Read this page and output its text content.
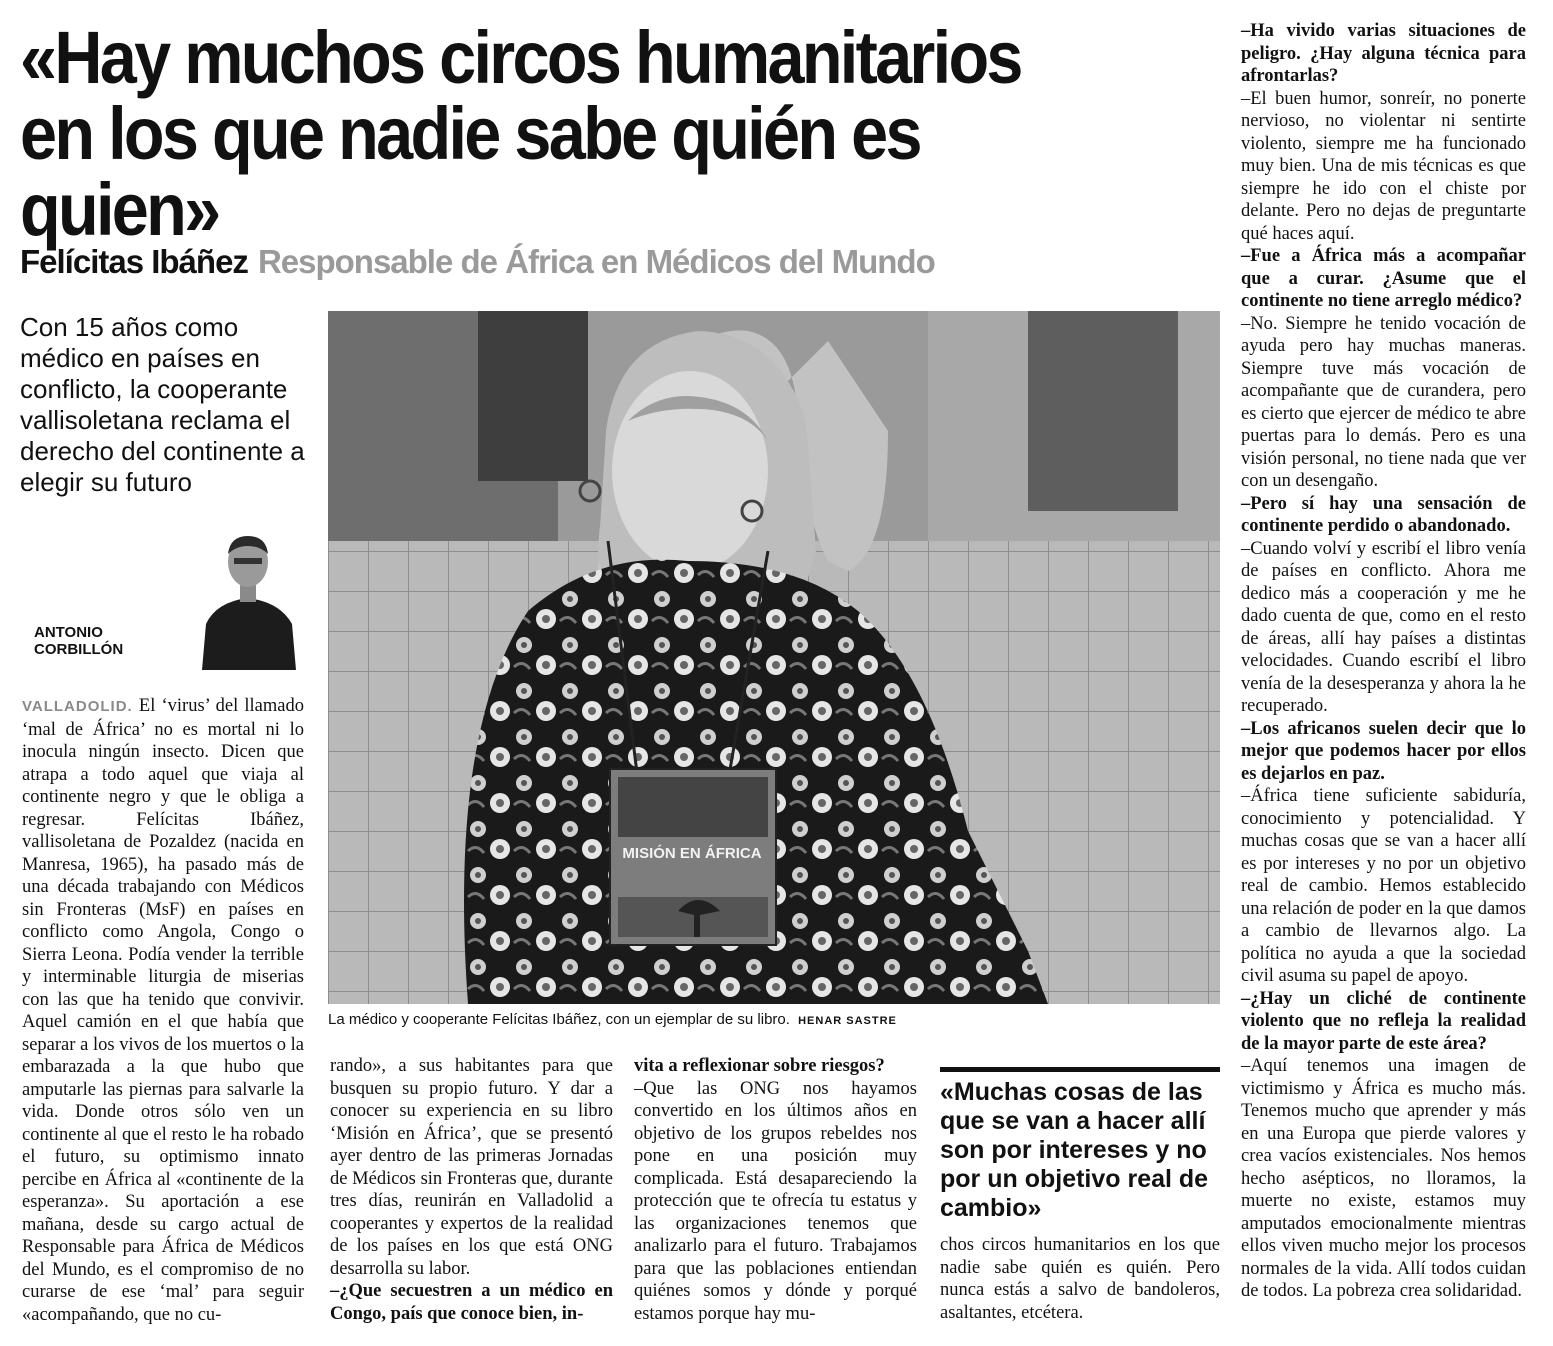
«Hay muchos circos humanitarios en los que nadie sabe quién es quien»
Felícitas Ibáñez Responsable de África en Médicos del Mundo
Con 15 años como médico en países en conflicto, la cooperante vallisoletana reclama el derecho del continente a elegir su futuro
ANTONIO CORBILLÓN

VALLADOLID. El ‘virus’ del llamado ‘mal de África’ no es mortal ni lo inocula ningún insecto. Dicen que atrapa a todo aquel que viaja al continente negro y que le obliga a regresar. Felícitas Ibáñez, vallisoletana de Pozaldez (nacida en Manresa, 1965), ha pasado más de una década trabajando con Médicos sin Fronteras (MsF) en países en conflicto como Angola, Congo o Sierra Leona. Podía vender la terrible y interminable liturgia de miserias con las que ha tenido que convivir. Aquel camión en el que había que separar a los vivos de los muertos o la embarazada a la que hubo que amputarle las piernas para salvarle la vida. Donde otros sólo ven un continente al que el resto le ha robado el futuro, su optimismo innato percibe en África al «continente de la esperanza». Su aportación a ese mañana, desde su cargo actual de Responsable para África de Médicos del Mundo, es el compromiso de no curarse de ese ‘mal’ para seguir «acompañando, que no cu-

MISIÓN EN ÁFRICA
La médico y cooperante Felícitas Ibáñez, con un ejemplar de su libro. HENAR SASTRE

rando», a sus habitantes para que busquen su propio futuro. Y dar a conocer su experiencia en su libro ‘Misión en África’, que se presentó ayer dentro de las primeras Jornadas de Médicos sin Fronteras que, durante tres días, reunirán en Valladolid a cooperantes y expertos de la realidad de los países en los que está ONG desarrolla su labor.

–¿Que secuestren a un médico en Congo, país que conoce bien, in-

vita a reflexionar sobre riesgos?

–Que las ONG nos hayamos convertido en los últimos años en objetivo de los grupos rebeldes nos pone en una posición muy complicada. Está desapareciendo la protección que te ofrecía tu estatus y las organizaciones tenemos que analizarlo para el futuro. Trabajamos para que las poblaciones entiendan quiénes somos y dónde y porqué estamos porque hay mu-

«Muchas cosas de las que se van a hacer allí son por intereses y no por un objetivo real de cambio»

chos circos humanitarios en los que nadie sabe quién es quién. Pero nunca estás a salvo de bandoleros, asaltantes, etcétera.

–Ha vivido varias situaciones de peligro. ¿Hay alguna técnica para afrontarlas?

–El buen humor, sonreír, no ponerte nervioso, no violentar ni sentirte violento, siempre me ha funcionado muy bien. Una de mis técnicas es que siempre he ido con el chiste por delante. Pero no dejas de preguntarte qué haces aquí.

–Fue a África más a acompañar que a curar. ¿Asume que el continente no tiene arreglo médico?

–No. Siempre he tenido vocación de ayuda pero hay muchas maneras. Siempre tuve más vocación de acompañante que de curandera, pero es cierto que ejercer de médico te abre puertas para lo demás. Pero es una visión personal, no tiene nada que ver con un desengaño.

–Pero sí hay una sensación de continente perdido o abandonado.

–Cuando volví y escribí el libro venía de países en conflicto. Ahora me dedico más a cooperación y me he dado cuenta de que, como en el resto de áreas, allí hay países a distintas velocidades. Cuando escribí el libro venía de la desesperanza y ahora la he recuperado.

–Los africanos suelen decir que lo mejor que podemos hacer por ellos es dejarlos en paz.

–África tiene suficiente sabiduría, conocimiento y potencialidad. Y muchas cosas que se van a hacer allí es por intereses y no por un objetivo real de cambio. Hemos establecido una relación de poder en la que damos a cambio de llevarnos algo. La política no ayuda a que la sociedad civil asuma su papel de apoyo.

–¿Hay un cliché de continente violento que no refleja la realidad de la mayor parte de este área?

–Aquí tenemos una imagen de victimismo y África es mucho más. Tenemos mucho que aprender y más en una Europa que pierde valores y crea vacíos existenciales. Nos hemos hecho asépticos, no lloramos, la muerte no existe, estamos muy amputados emocionalmente mientras ellos viven mucho mejor los procesos normales de la vida. Allí todos cuidan de todos. La pobreza crea solidaridad.
